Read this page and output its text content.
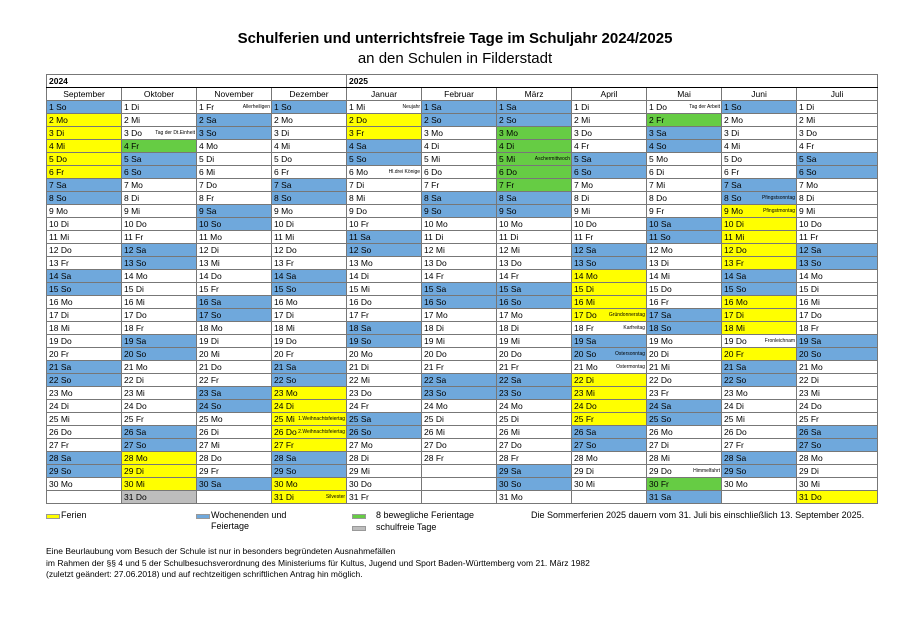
Schulferien und unterrichtsfreie Tage im Schuljahr 2024/2025
an den Schulen in Filderstadt
2024				2025						
September	Oktober	November	Dezember	Januar	Februar	März	April	Mai	Juni	Juli
1 So	1 Di	1 Fr Allerheiligen	1 So	1 Mi Neujahr	1 Sa	1 Sa	1 Di	1 Do Tag der Arbeit	1 So	1 Di
2 Mo	2 Mi	2 Sa	2 Mo	2 Do	2 So	2 So	2 Mi	2 Fr	2 Mo	2 Mi
3 Di	3 Do Tag der Dt.Einheit	3 So	3 Di	3 Fr	3 Mo	3 Mo	3 Do	3 Sa	3 Di	3 Do
4 Mi	4 Fr	4 Mo	4 Mi	4 Sa	4 Di	4 Di	4 Fr	4 So	4 Mi	4 Fr
5 Do	5 Sa	5 Di	5 Do	5 So	5 Mi	5 Mi Aschermittwoch	5 Sa	5 Mo	5 Do	5 Sa
6 Fr	6 So	6 Mi	6 Fr	6 Mo Hl.drei Könige	6 Do	6 Do	6 So	6 Di	6 Fr	6 So
7 Sa	7 Mo	7 Do	7 Sa	7 Di	7 Fr	7 Fr	7 Mo	7 Mi	7 Sa	7 Mo
8 So	8 Di	8 Fr	8 So	8 Mi	8 Sa	8 Sa	8 Di	8 Do	8 So Pfingstsonntag	8 Di
9 Mo	9 Mi	9 Sa	9 Mo	9 Do	9 So	9 So	9 Mi	9 Fr	9 Mo Pfingstmontag	9 Mi
10 Di	10 Do	10 So	10 Di	10 Fr	10 Mo	10 Mo	10 Do	10 Sa	10 Di	10 Do
11 Mi	11 Fr	11 Mo	11 Mi	11 Sa	11 Di	11 Di	11 Fr	11 So	11 Mi	11 Fr
12 Do	12 Sa	12 Di	12 Do	12 So	12 Mi	12 Mi	12 Sa	12 Mo	12 Do	12 Sa
13 Fr	13 So	13 Mi	13 Fr	13 Mo	13 Do	13 Do	13 So	13 Di	13 Fr	13 So
14 Sa	14 Mo	14 Do	14 Sa	14 Di	14 Fr	14 Fr	14 Mo	14 Mi	14 Sa	14 Mo
15 So	15 Di	15 Fr	15 So	15 Mi	15 Sa	15 Sa	15 Di	15 Do	15 So	15 Di
16 Mo	16 Mi	16 Sa	16 Mo	16 Do	16 So	16 So	16 Mi	16 Fr	16 Mo	16 Mi
17 Di	17 Do	17 So	17 Di	17 Fr	17 Mo	17 Mo	17 Do Gründonnerstag	17 Sa	17 Di	17 Do
18 Mi	18 Fr	18 Mo	18 Mi	18 Sa	18 Di	18 Di	18 Fr Karfreitag	18 So	18 Mi	18 Fr
19 Do	19 Sa	19 Di	19 Do	19 So	19 Mi	19 Mi	19 Sa	19 Mo	19 Do Fronleichnam	19 Sa
20 Fr	20 So	20 Mi	20 Fr	20 Mo	20 Do	20 Do	20 So Ostersonntag	20 Di	20 Fr	20 So
21 Sa	21 Mo	21 Do	21 Sa	21 Di	21 Fr	21 Fr	21 Mo Ostermontag	21 Mi	21 Sa	21 Mo
22 So	22 Di	22 Fr	22 So	22 Mi	22 Sa	22 Sa	22 Di	22 Do	22 So	22 Di
23 Mo	23 Mi	23 Sa	23 Mo	23 Do	23 So	23 So	23 Mi	23 Fr	23 Mo	23 Mi
24 Di	24 Do	24 So	24 Di	24 Fr	24 Mo	24 Mo	24 Do	24 Sa	24 Di	24 Do
25 Mi	25 Fr	25 Mo	25 Mi 1.Weihnachtsfeiertag	25 Sa	25 Di	25 Di	25 Fr	25 So	25 Mi	25 Fr
26 Do	26 Sa	26 Di	26 Do 2.Weihnachtsfeiertag	26 So	26 Mi	26 Mi	26 Sa	26 Mo	26 Do	26 Sa
27 Fr	27 So	27 Mi	27 Fr	27 Mo	27 Do	27 Do	27 So	27 Di	27 Fr	27 So
28 Sa	28 Mo	28 Do	28 Sa	28 Di	28 Fr	28 Fr	28 Mo	28 Mi	28 Sa	28 Mo
29 So	29 Di	29 Fr	29 So	29 Mi		29 Sa	29 Di	29 Do Himmelfahrt	29 So	29 Di
30 Mo	30 Mi	30 Sa	30 Mo	30 Do		30 So	30 Mi	30 Fr	30 Mo	30 Mi
	31 Do		31 Di Silvester	31 Fr		31 Mo		31 Sa		31 Do
Ferien	Wochenenden und Feiertage
8 bewegliche Ferientage
schulfreie Tage
Die Sommerferien 2025 dauern vom 31. Juli bis einschließlich 13. September 2025.
Eine Beurlaubung vom Besuch der Schule ist nur in besonders begründeten Ausnahmefällen
im Rahmen der §§ 4 und 5 der Schulbesuchsverordnung des Ministeriums für Kultus, Jugend und Sport Baden-Württemberg vom 21. März 1982
(zuletzt geändert: 27.06.2018) und auf rechtzeitigen schriftlichen Antrag hin möglich.
